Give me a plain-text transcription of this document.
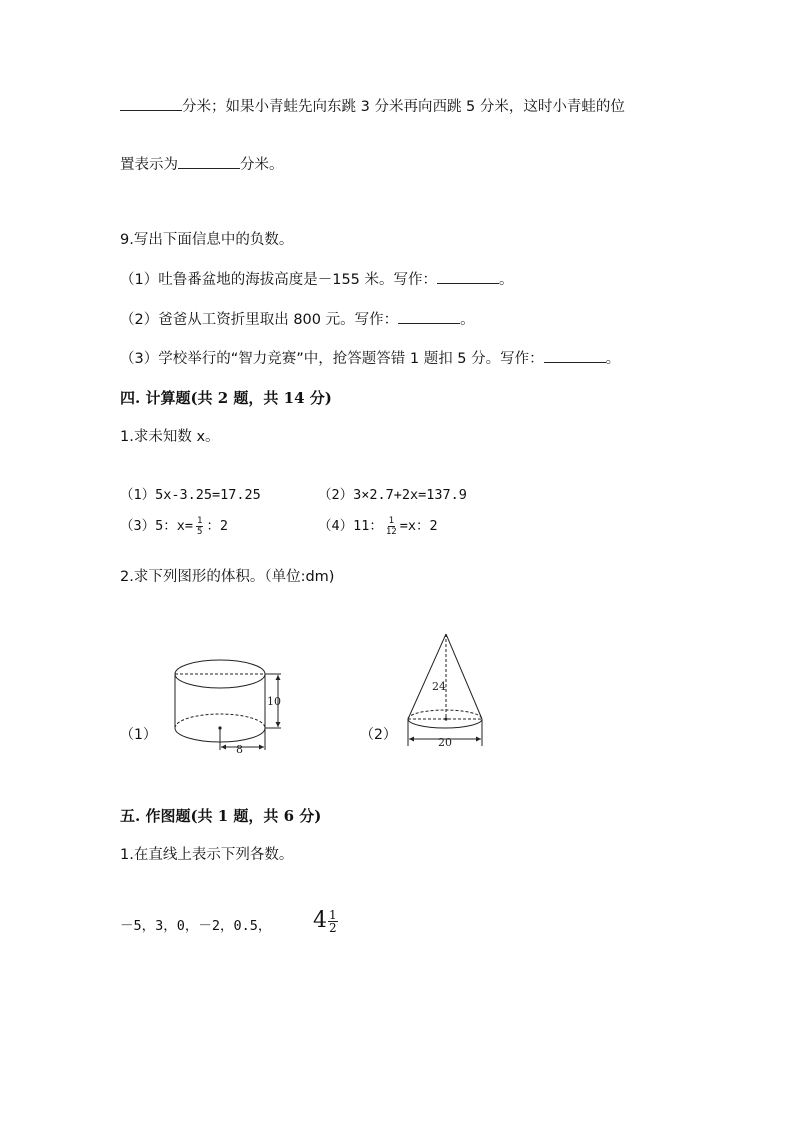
分米；如果小青蛙先向东跳 3 分米再向西跳 5 分米，这时小青蛙的位
置表示为	分米。
9.写出下面信息中的负数。
（1）吐鲁番盆地的海拔高度是－155 米。写作：	。
（2）爸爸从工资折里取出 800 元。写作：	。
（3）学校举行的“智力竞赛”中，抢答题答错 1 题扣 5 分。写作：	。
四. 计算题(共 2 题，共 14 分)
1.求未知数 x。
（1）5x-3.25=17.25	（2）3×2.7+2x=137.9
（3）5：$x= \frac{1}{5}$ ：2	（4）11： $\frac{1}{12} =x$：2
2.求下列图形的体积。（单位:dm)
（1）	（2）
8
10
24
20
五. 作图题(共 1 题，共 6 分)
1.在直线上表示下列各数。
－5，3，0，－2，0.5， $4 \frac{1}{2}$
